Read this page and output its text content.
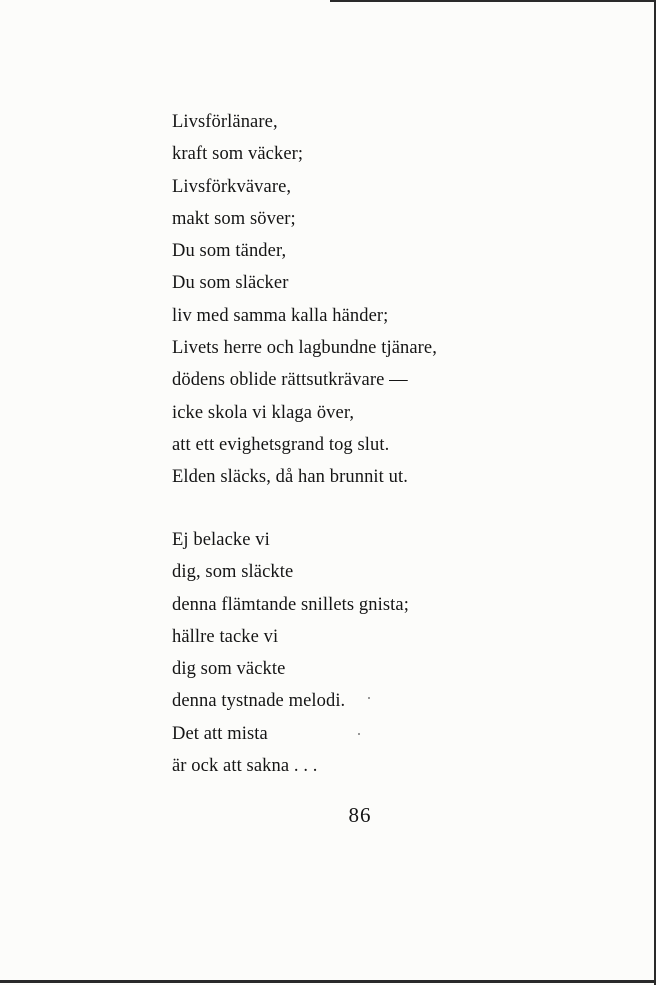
Livsförlänare,
kraft som väcker;
Livsförkvävare,
makt som söver;
Du som tänder,
Du som släcker
liv med samma kalla händer;
Livets herre och lagbundne tjänare,
dödens oblide rättsutkrävare —
icke skola vi klaga över,
att ett evighetsgrand tog slut.
Elden släcks, då han brunnit ut.
Ej belacke vi
dig, som släckte
denna flämtande snillets gnista;
hällre tacke vi
dig som väckte
denna tystnade melodi.
Det att mista
är ock att sakna . . .
86
